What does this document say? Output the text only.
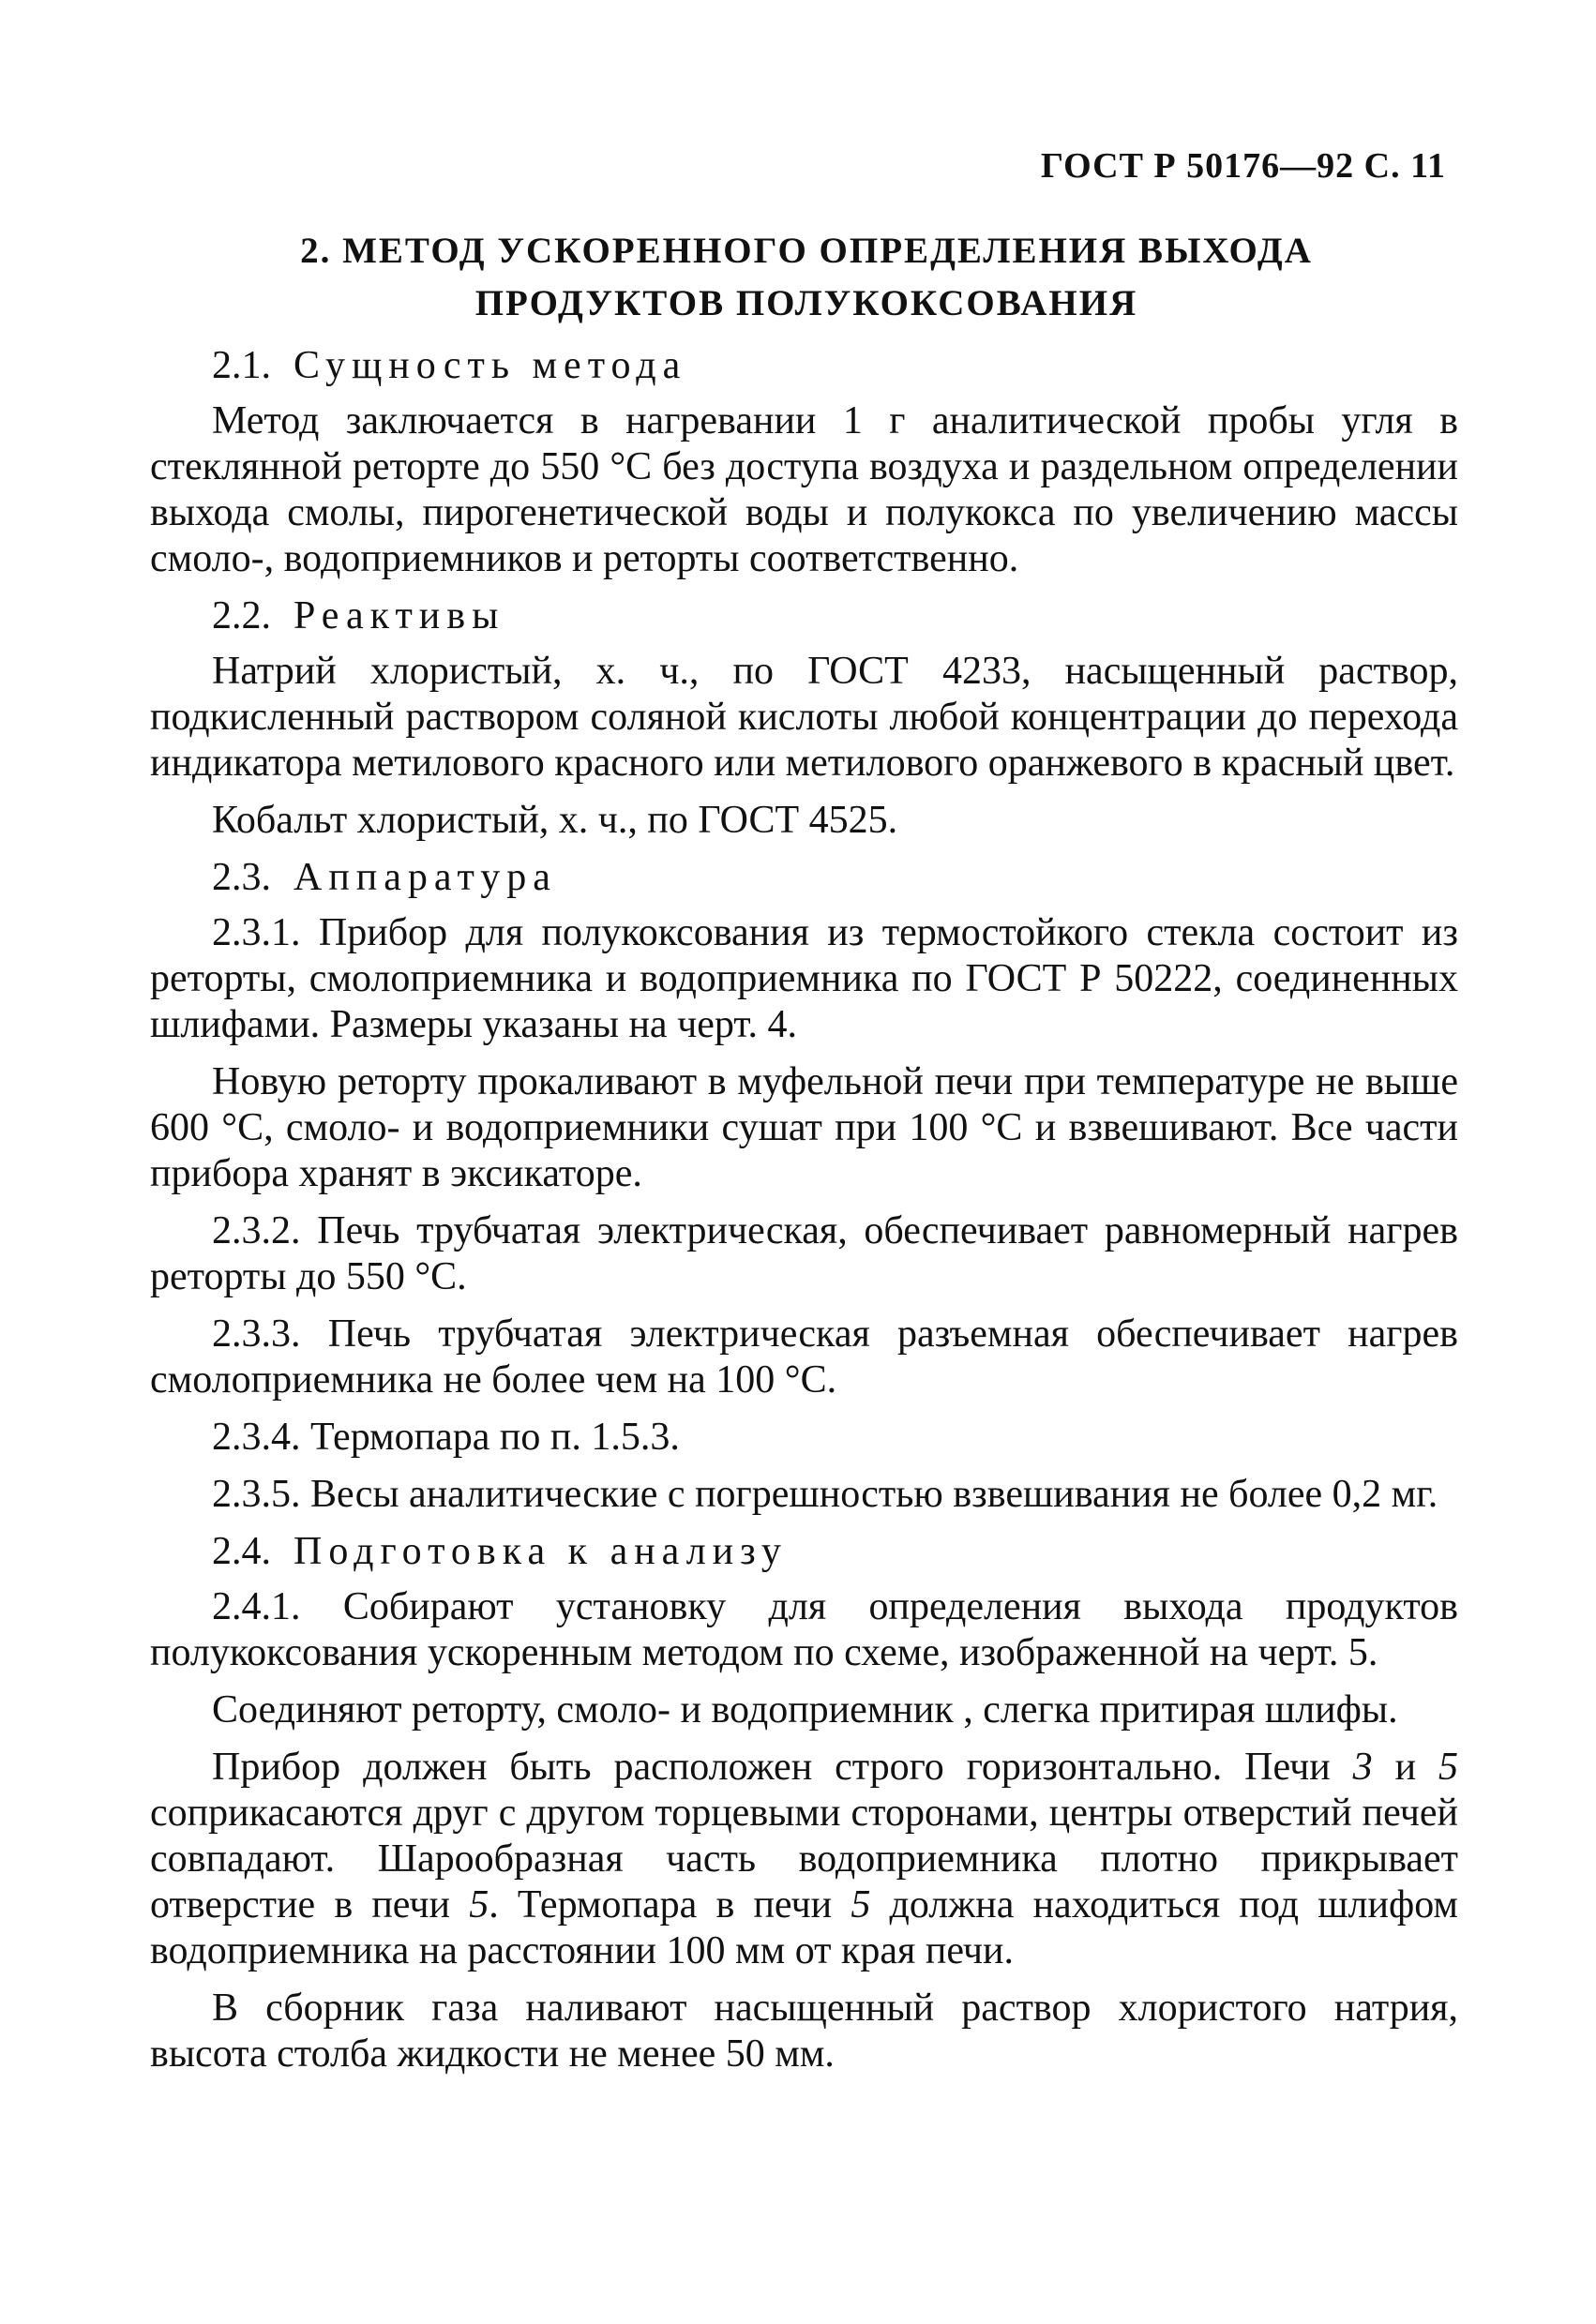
ГОСТ Р 50176—92 С. 11
2. МЕТОД УСКОРЕННОГО ОПРЕДЕЛЕНИЯ ВЫХОДА
ПРОДУКТОВ ПОЛУКОКСОВАНИЯ

2.1. Сущность метода

Метод заключается в нагревании 1 г аналитической пробы угля в стеклянной реторте до 550 °С без доступа воздуха и раздельном определении выхода смолы, пирогенетической воды и полукокса по увеличению массы смоло-, водоприемников и реторты соответственно.

2.2. Реактивы

Натрий хлористый, х. ч., по ГОСТ 4233, насыщенный раствор, подкисленный раствором соляной кислоты любой концентрации до перехода индикатора метилового красного или метилового оранжевого в красный цвет.

Кобальт хлористый, х. ч., по ГОСТ 4525.

2.3. Аппаратура

2.3.1. Прибор для полукоксования из термостойкого стекла состоит из реторты, смолоприемника и водоприемника по ГОСТ Р 50222, соединенных шлифами. Размеры указаны на черт. 4.

Новую реторту прокаливают в муфельной печи при температуре не выше 600 °С, смоло- и водоприемники сушат при 100 °С и взвешивают. Все части прибора хранят в эксикаторе.

2.3.2. Печь трубчатая электрическая, обеспечивает равномерный нагрев реторты до 550 °С.

2.3.3. Печь трубчатая электрическая разъемная обеспечивает нагрев смолоприемника не более чем на 100 °С.

2.3.4. Термопара по п. 1.5.3.

2.3.5. Весы аналитические с погрешностью взвешивания не более 0,2 мг.

2.4. Подготовка к анализу

2.4.1. Собирают установку для определения выхода продуктов полукоксования ускоренным методом по схеме, изображенной на черт. 5.

Соединяют реторту, смоло- и водоприемник , слегка притирая шлифы.

Прибор должен быть расположен строго горизонтально. Печи 3 и 5 соприкасаются друг с другом торцевыми сторонами, центры отверстий печей совпадают. Шарообразная часть водоприемника плотно прикрывает отверстие в печи 5. Термопара в печи 5 должна находиться под шлифом водоприемника на расстоянии 100 мм от края печи.

В сборник газа наливают насыщенный раствор хлористого натрия, высота столба жидкости не менее 50 мм.
